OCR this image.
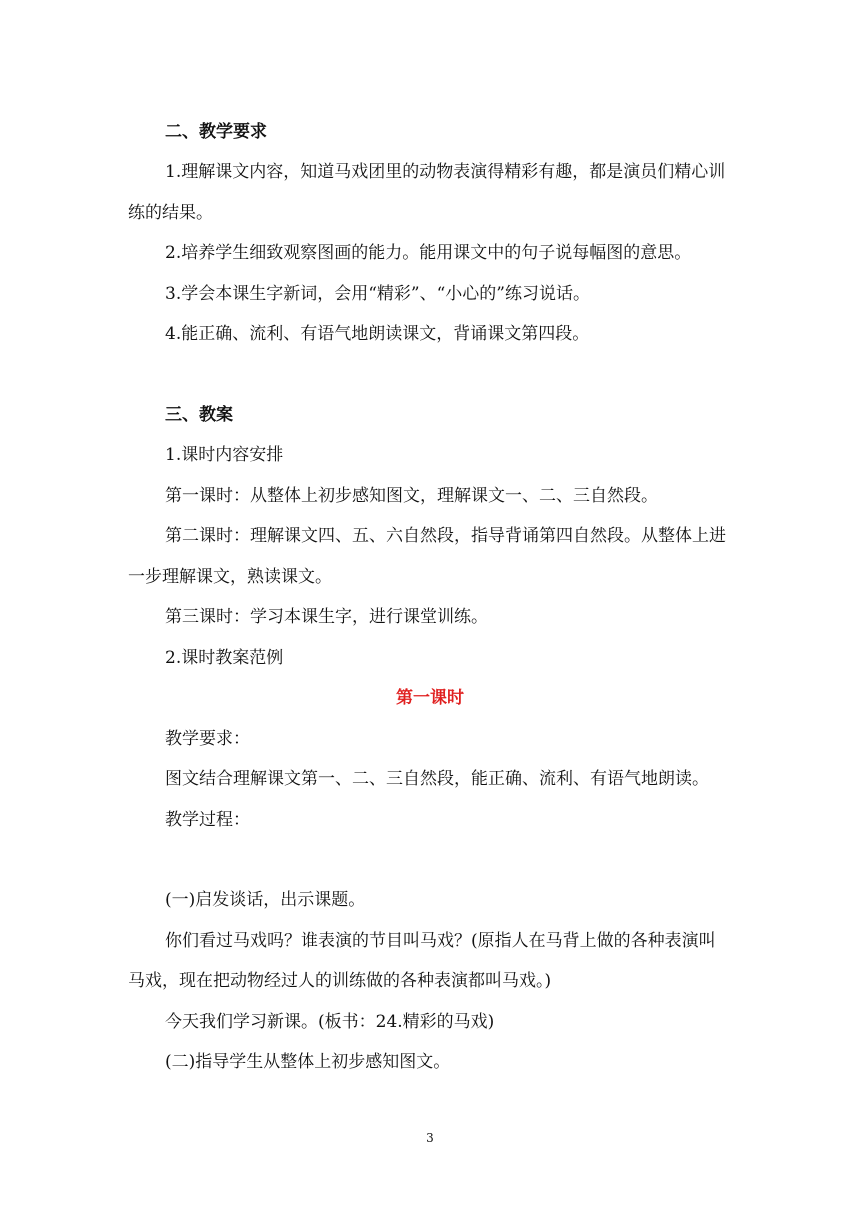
二、教学要求
1.理解课文内容，知道马戏团里的动物表演得精彩有趣，都是演员们精心训
练的结果。
2.培养学生细致观察图画的能力。能用课文中的句子说每幅图的意思。
3.学会本课生字新词，会用“精彩”、“小心的”练习说话。
4.能正确、流利、有语气地朗读课文，背诵课文第四段。
三、教案
1.课时内容安排
第一课时：从整体上初步感知图文，理解课文一、二、三自然段。
第二课时：理解课文四、五、六自然段，指导背诵第四自然段。从整体上进
一步理解课文，熟读课文。
第三课时：学习本课生字，进行课堂训练。
2.课时教案范例
第一课时
教学要求：
图文结合理解课文第一、二、三自然段，能正确、流利、有语气地朗读。
教学过程：
(一)启发谈话，出示课题。
你们看过马戏吗？谁表演的节目叫马戏？(原指人在马背上做的各种表演叫
马戏，现在把动物经过人的训练做的各种表演都叫马戏。)
今天我们学习新课。(板书：24.精彩的马戏)
(二)指导学生从整体上初步感知图文。
3
